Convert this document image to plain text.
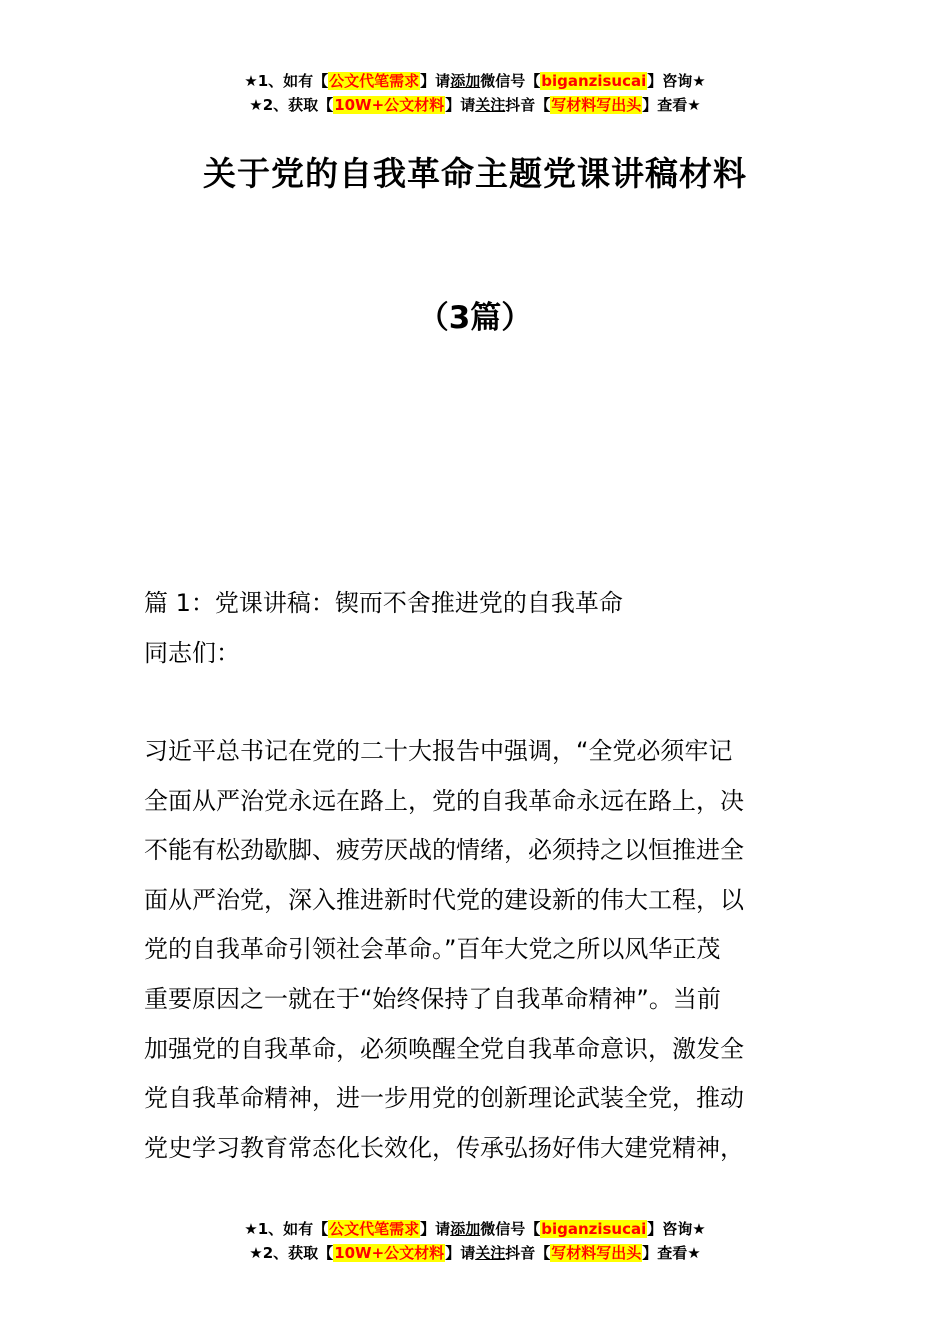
★1、如有【公文代笔需求】请添加微信号【biganzisucai】咨询★
★2、获取【10W+公文材料】请关注抖音【写材料写出头】查看★
关于党的自我革命主题党课讲稿材料
（3篇）
篇 1：党课讲稿：锲而不舍推进党的自我革命
同志们：
习近平总书记在党的二十大报告中强调，“全党必须牢记
全面从严治党永远在路上，党的自我革命永远在路上，决
不能有松劲歇脚、疲劳厌战的情绪，必须持之以恒推进全
面从严治党，深入推进新时代党的建设新的伟大工程，以
党的自我革命引领社会革命。”百年大党之所以风华正茂
重要原因之一就在于“始终保持了自我革命精神”。当前
加强党的自我革命，必须唤醒全党自我革命意识，激发全
党自我革命精神，进一步用党的创新理论武装全党，推动
党史学习教育常态化长效化，传承弘扬好伟大建党精神，
★1、如有【公文代笔需求】请添加微信号【biganzisucai】咨询★
★2、获取【10W+公文材料】请关注抖音【写材料写出头】查看★
